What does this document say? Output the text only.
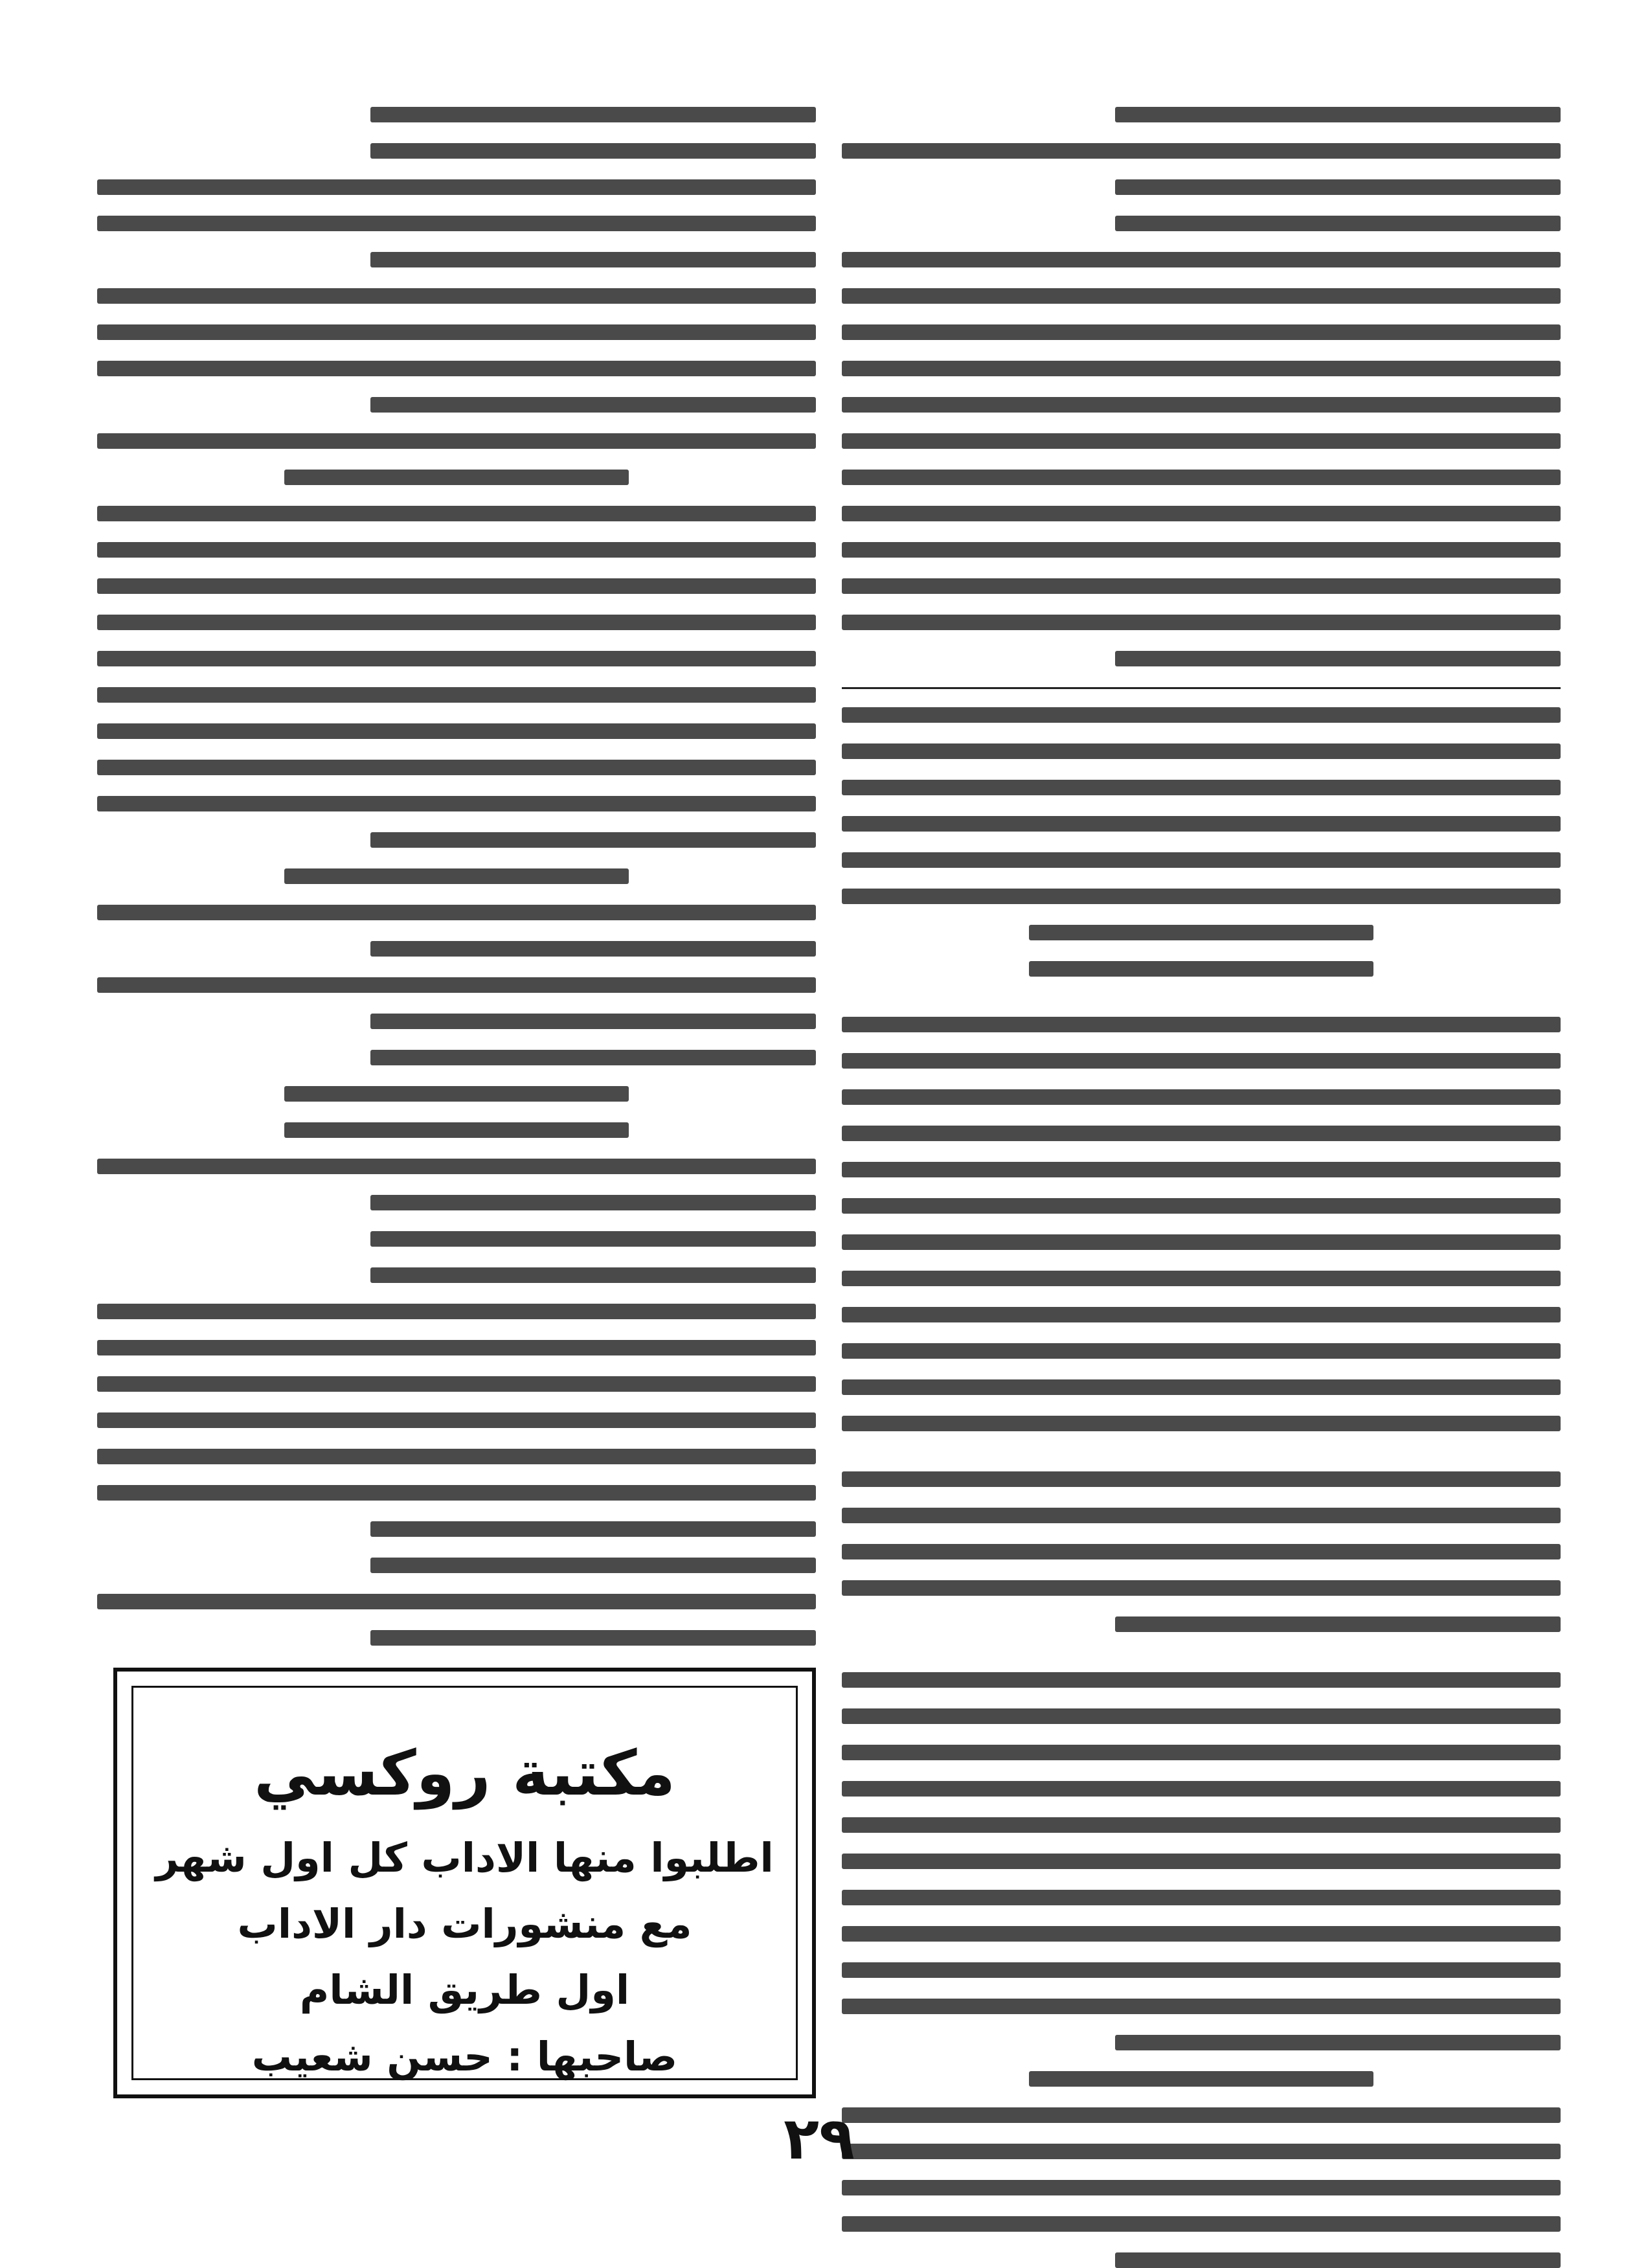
مكتبة روكسي
اطلبوا منها الاداب كل اول شهر
مع منشورات دار الاداب
اول طريق الشام
صاحبها : حسن شعيب
٢٩
